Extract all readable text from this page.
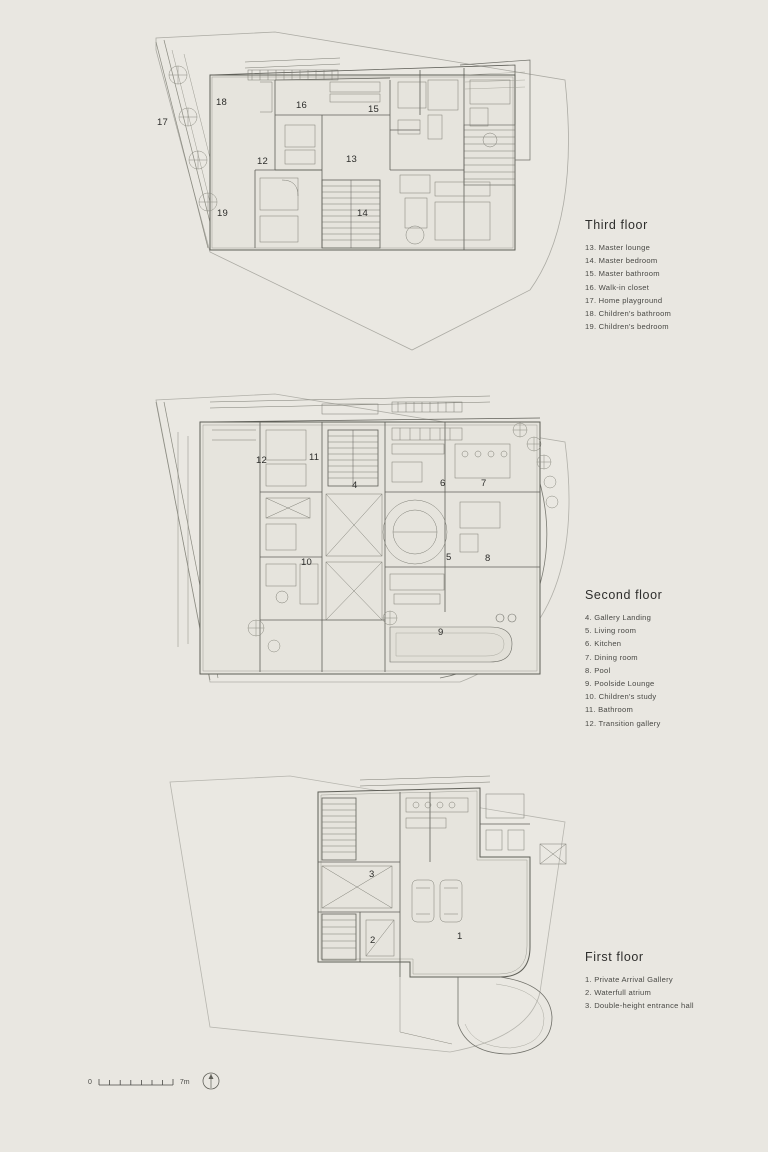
12	13
14
15
16
17
18
19
Third floor
13. Master lounge
14. Master bedroom
15. Master bathroom
16. Walk-in closet
17. Home playground
18. Children's bathroom
19. Children's bedroom
4
5
6	7
8
9
10
11
12
Second floor
4. Gallery Landing
5. Living room
6. Kitchen
7. Dining room
8. Pool
9. Poolside Lounge
10. Children's study
11. Bathroom
12. Transition gallery
1
2
3
First floor
1. Private Arrival Gallery
2. Waterfull atrium
3. Double-height entrance hall
0	7m
